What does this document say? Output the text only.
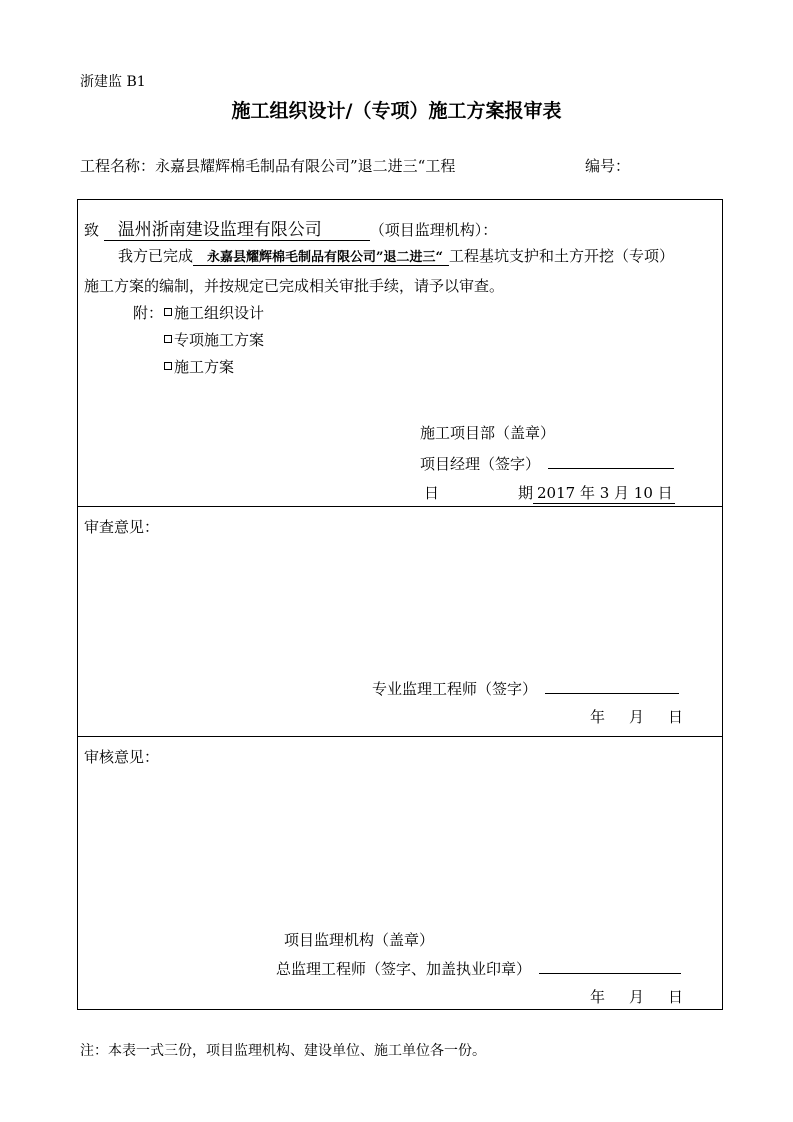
浙建监 B1
施工组织设计/（专项）施工方案报审表
工程名称：永嘉县耀辉棉毛制品有限公司”退二进三“工程	编号：
致 温州浙南建设监理有限公司	（项目监理机构）：
我方已完成 永嘉县耀辉棉毛制品有限公司”退二进三“ 工程基坑支护和土方开挖（专项）
施工方案的编制，并按规定已完成相关审批手续，请予以审查。
附： 施工组织设计
专项施工方案
施工方案
施工项目部（盖章）
项目经理（签字）
日	期 2017 年 3 月 10 日
审查意见：
专业监理工程师（签字）
年 月 日
审核意见：
项目监理机构（盖章）
总监理工程师（签字、加盖执业印章）
年 月 日
注：本表一式三份，项目监理机构、建设单位、施工单位各一份。
